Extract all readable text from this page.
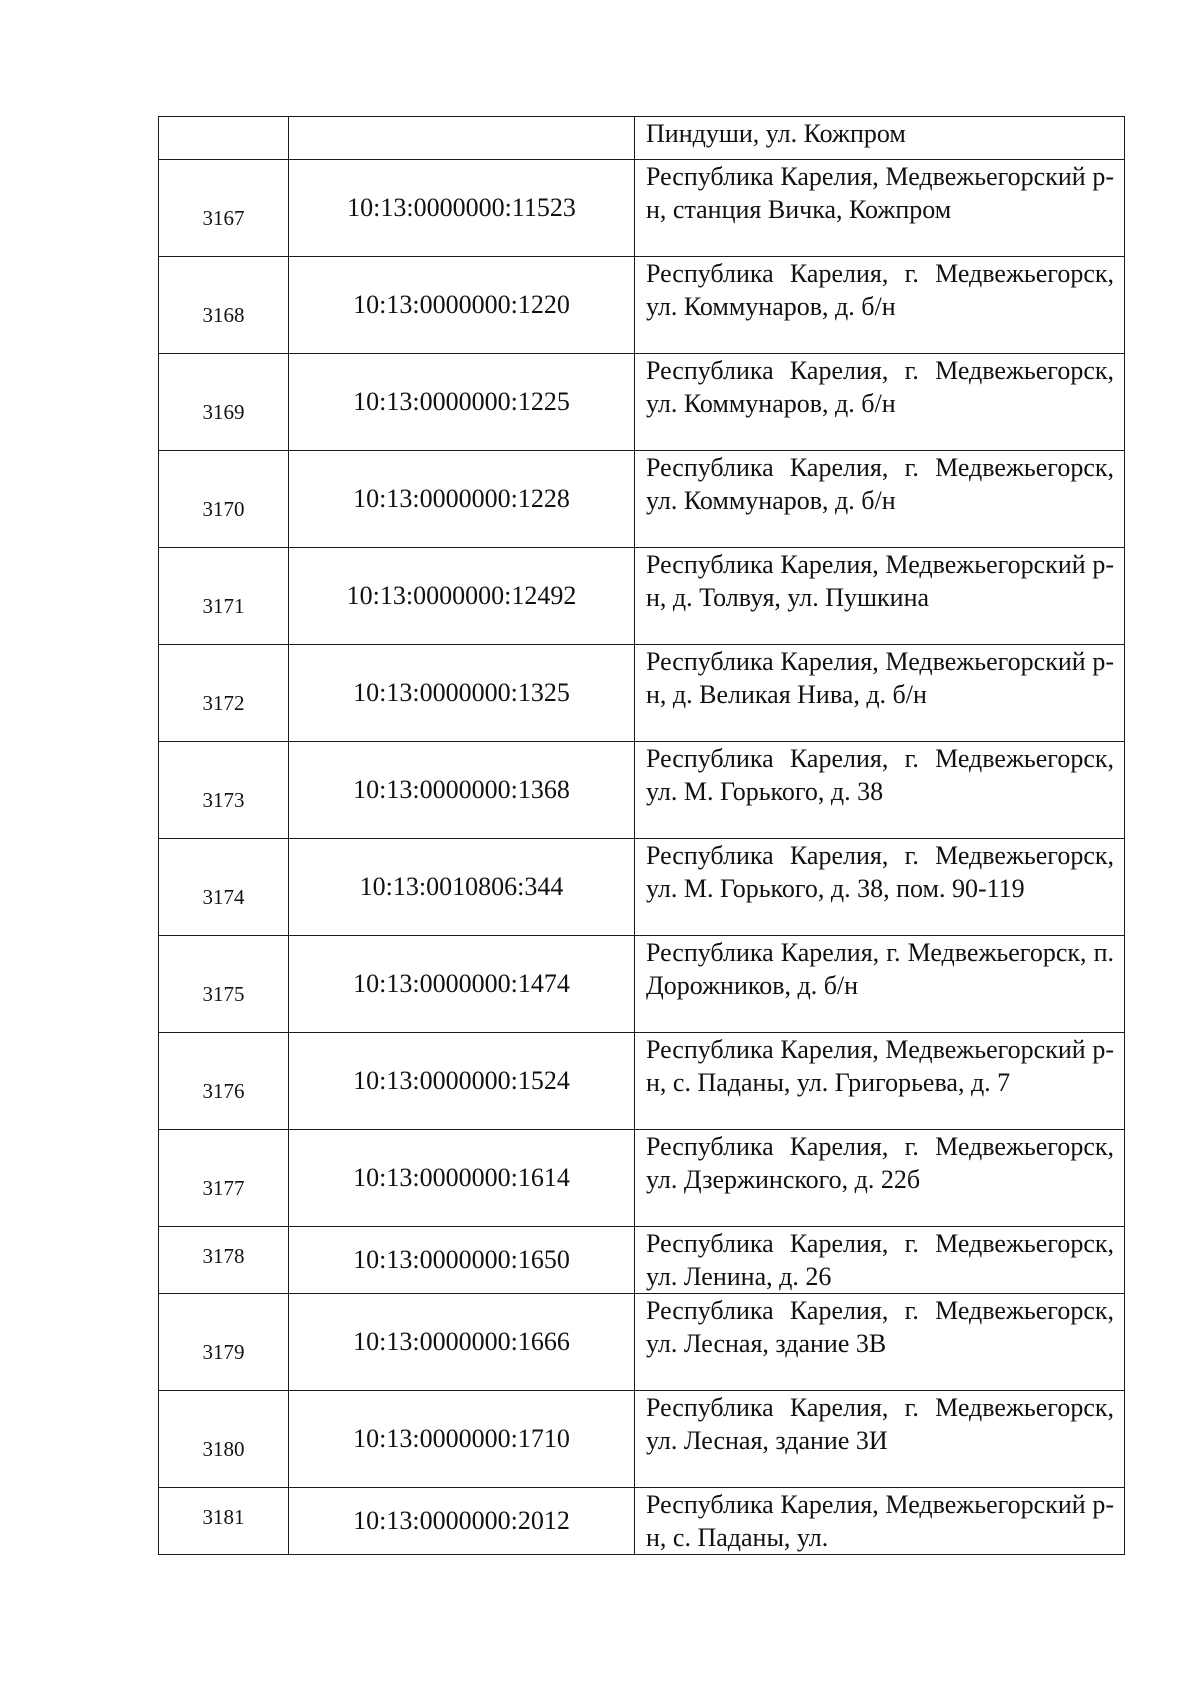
		Пиндуши, ул. Кожпром
3167	10:13:0000000:11523	Республика Карелия, Медвежьегорский р-н, станция Вичка, Кожпром
3168	10:13:0000000:1220	Республика Карелия, г. Медвежьегорск, ул. Коммунаров, д. б/н
3169	10:13:0000000:1225	Республика Карелия, г. Медвежьегорск, ул. Коммунаров, д. б/н
3170	10:13:0000000:1228	Республика Карелия, г. Медвежьегорск, ул. Коммунаров, д. б/н
3171	10:13:0000000:12492	Республика Карелия, Медвежьегорский р-н, д. Толвуя, ул. Пушкина
3172	10:13:0000000:1325	Республика Карелия, Медвежьегорский р-н, д. Великая Нива, д. б/н
3173	10:13:0000000:1368	Республика Карелия, г. Медвежьегорск, ул. М. Горького, д. 38
3174	10:13:0010806:344	Республика Карелия, г. Медвежьегорск, ул. М. Горького, д. 38, пом. 90-119
3175	10:13:0000000:1474	Республика Карелия, г. Медвежьегорск, п. Дорожников, д. б/н
3176	10:13:0000000:1524	Республика Карелия, Медвежьегорский р-н, с. Паданы, ул. Григорьева, д. 7
3177	10:13:0000000:1614	Республика Карелия, г. Медвежьегорск, ул. Дзержинского, д. 22б
3178	10:13:0000000:1650	Республика Карелия, г. Медвежьегорск, ул. Ленина, д. 26
3179	10:13:0000000:1666	Республика Карелия, г. Медвежьегорск, ул. Лесная, здание 3В
3180	10:13:0000000:1710	Республика Карелия, г. Медвежьегорск, ул. Лесная, здание 3И
3181	10:13:0000000:2012	Республика Карелия, Медвежьегорский р-н, с. Паданы, ул.
